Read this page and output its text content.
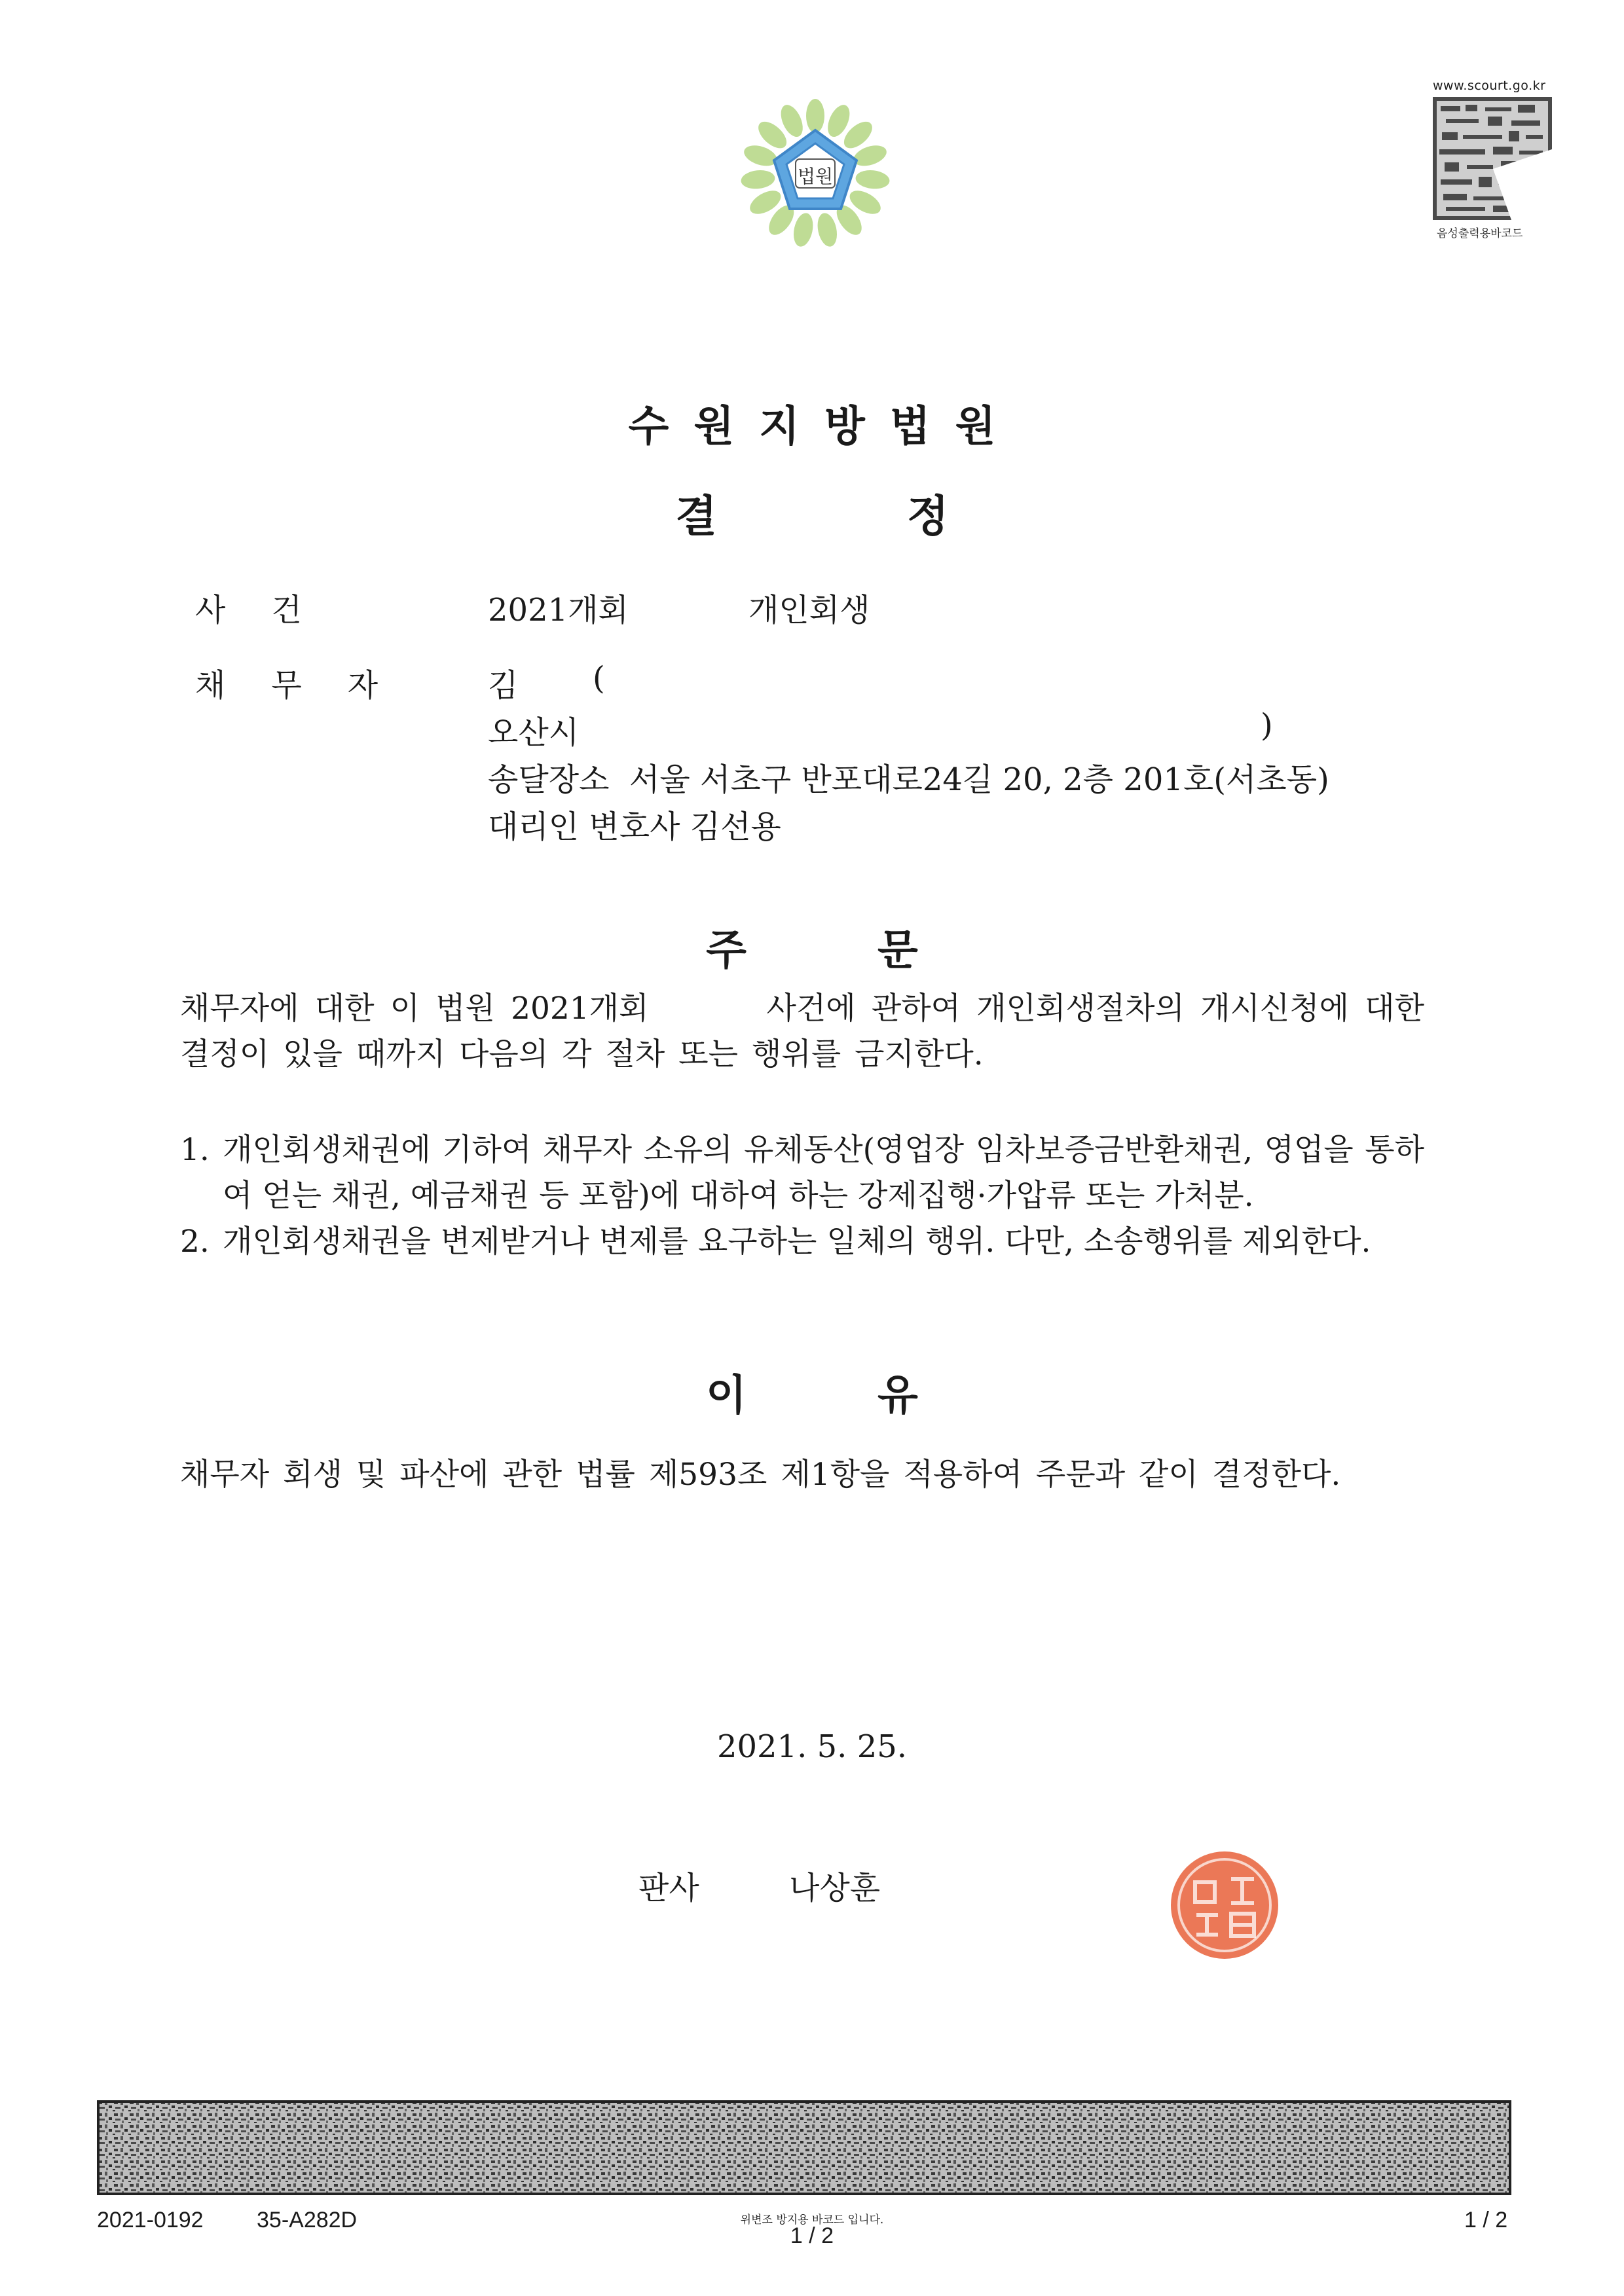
법원
www.scourt.go.kr
음성출력용바코드
수원지방법원
결정
사건	2021개회	개인회생
채무자 김 (
오산시	)
송달장소  서울 서초구 반포대로24길 20, 2층 201호(서초동)
대리인 변호사 김선용
주문
채무자에 대한 이 법원 2021개회	사건에 관하여 개인회생절차의 개시신청에 대한 결정이 있을 때까지 다음의 각 절차 또는 행위를 금지한다.
1. 개인회생채권에 기하여 채무자 소유의 유체동산(영업장 임차보증금반환채권, 영업을 통하여 얻는 채권, 예금채권 등 포함)에 대하여 하는 강제집행·가압류 또는 가처분.
2. 개인회생채권을 변제받거나 변제를 요구하는 일체의 행위. 다만, 소송행위를 제외한다.
이유
채무자 회생 및 파산에 관한 법률 제593조 제1항을 적용하여 주문과 같이 결정한다.
2021. 5. 25.
판사	나상훈
2021-0192 35-A282D	위변조 방지용 바코드 입니다.
1 / 2
1 / 2
